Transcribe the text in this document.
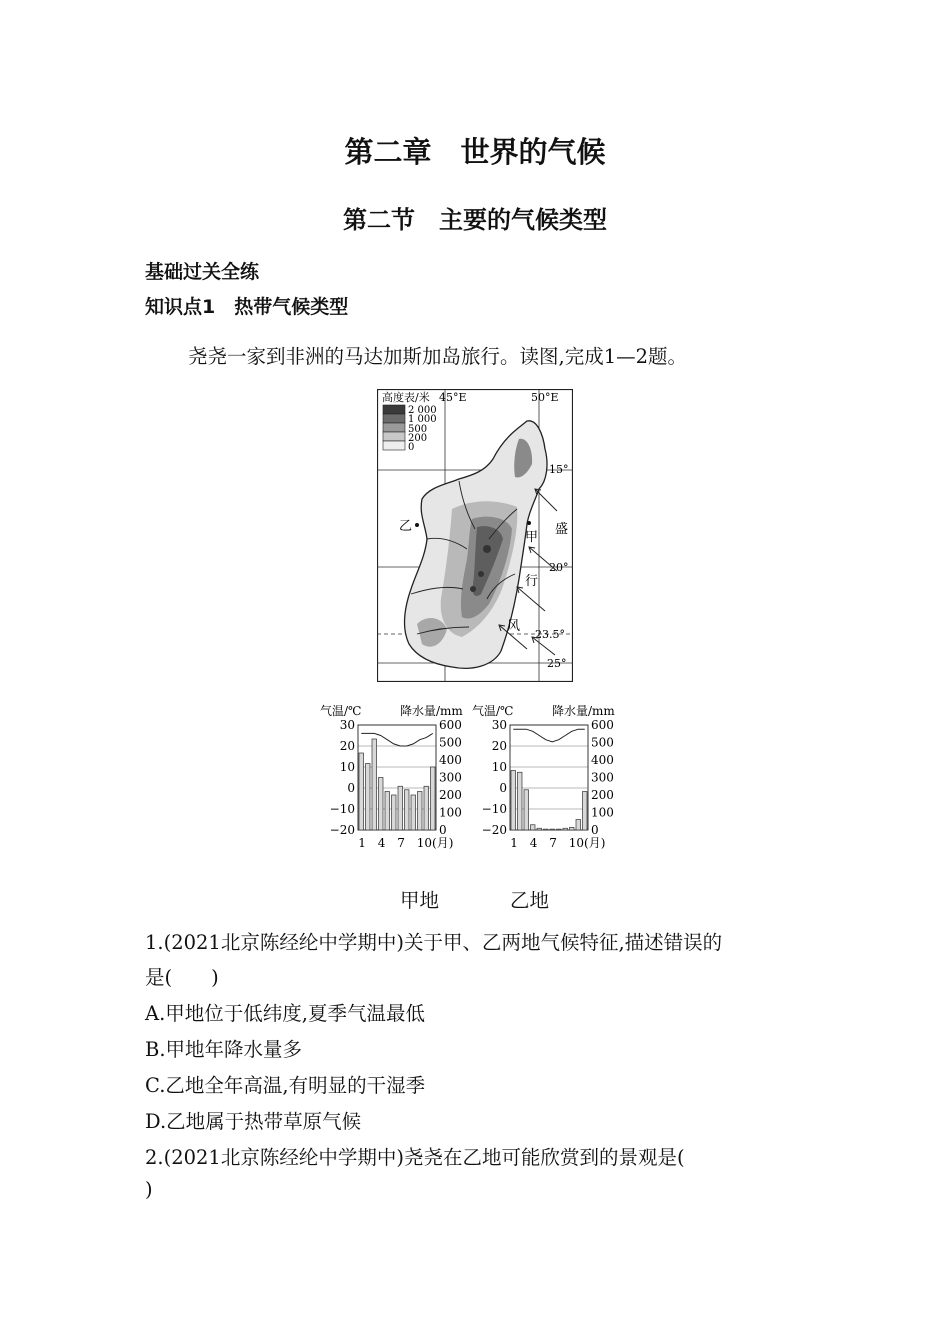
第二章　世界的气候
第二节　主要的气候类型
基础过关全练
知识点1　热带气候类型
尧尧一家到非洲的马达加斯加岛旅行。读图,完成1—2题。
高度表/米 45°E	50°E
2 000
1 000
500
200
0
15°
20°
23.5°
25°
乙
甲
盛
行
风
气温/℃	降水量/mm
30
20
10
0
−10
−20
600
500
400
300
200
100
0
1 4 7 10(月)
气温/℃	降水量/mm
30
20
10
0
−10
−20
600
500
400
300
200
100
0
1 4 7 10(月)
甲地	乙地
1.(2021北京陈经纶中学期中)关于甲、乙两地气候特征,描述错误的
是(　　)
A.甲地位于低纬度,夏季气温最低
B.甲地年降水量多
C.乙地全年高温,有明显的干湿季
D.乙地属于热带草原气候
2.(2021北京陈经纶中学期中)尧尧在乙地可能欣赏到的景观是(
)
